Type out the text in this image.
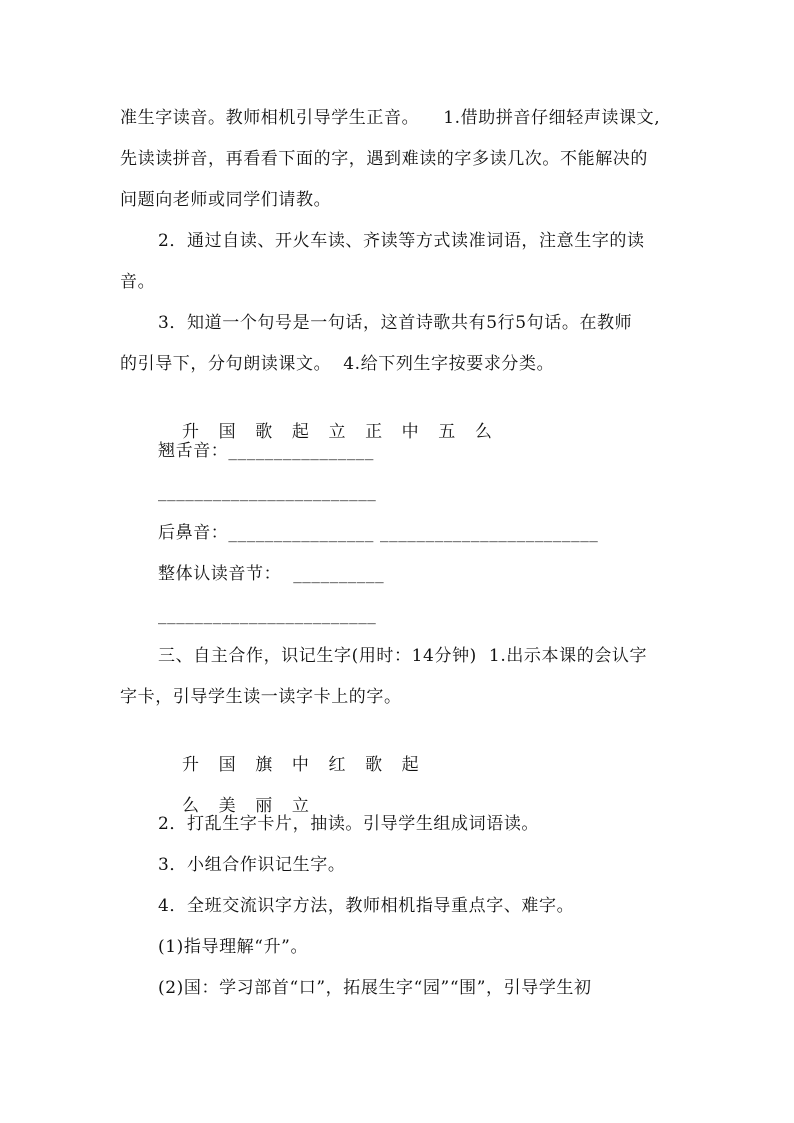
准生字读音。教师相机引导学生正音。    1.借助拼音仔细轻声读课文,
先读读拼音，再看看下面的字，遇到难读的字多读几次。不能解决的
问题向老师或同学们请教。
2．通过自读、开火车读、齐读等方式读准词语，注意生字的读
音。
3．知道一个句号是一句话，这首诗歌共有5行5句话。在教师
的引导下，分句朗读课文。  4.给下列生字按要求分类。

升 国 歌 起 立 正 中 五 么

翘舌音：________________
________________________
后鼻音：________________ ________________________
整体认读音节：  __________
________________________
三、自主合作，识记生字(用时：14分钟)  1.出示本课的会认字
字卡，引导学生读一读字卡上的字。

升 国 旗 中 红 歌 起

么 美 丽 立

2．打乱生字卡片，抽读。引导学生组成词语读。
3．小组合作识记生字。
4．全班交流识字方法，教师相机指导重点字、难字。
(1)指导理解“升”。
(2)国：学习部首“口”，拓展生字“园”“围”，引导学生初
